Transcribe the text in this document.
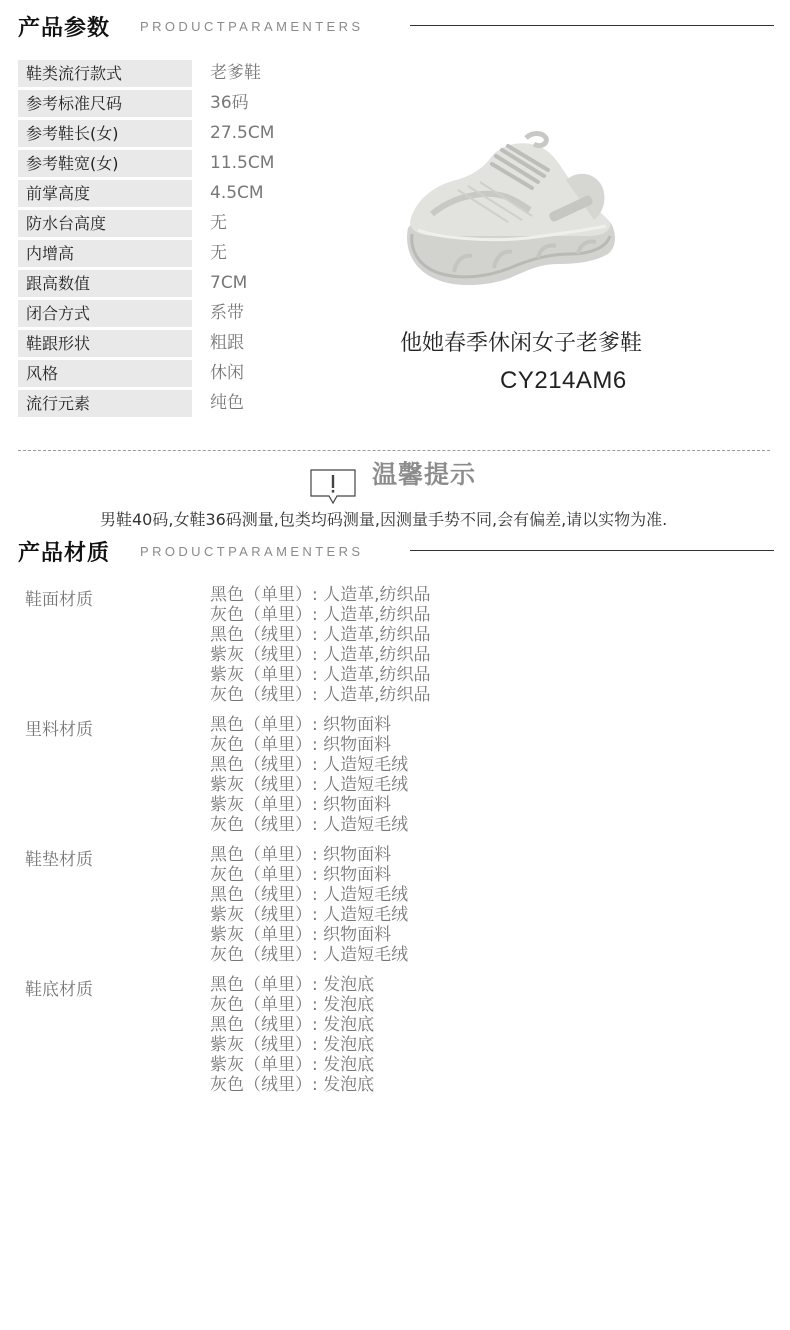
产品参数 PRODUCTPARAMENTERS
鞋类流行款式	老爹鞋
参考标准尺码	36码
参考鞋长(女)	27.5CM
参考鞋宽(女)	11.5CM
前掌高度	4.5CM
防水台高度	无
内增高	无
跟高数值	7CM
闭合方式	系带
鞋跟形状	粗跟
风格	休闲
流行元素	纯色
他她春季休闲女子老爹鞋
CY214AM6
温馨提示
男鞋40码,女鞋36码测量,包类均码测量,因测量手势不同,会有偏差,请以实物为准.
产品材质 PRODUCTPARAMENTERS
鞋面材质	黑色（单里）: 人造革,纺织品
灰色（单里）: 人造革,纺织品
黑色（绒里）: 人造革,纺织品
紫灰（绒里）: 人造革,纺织品
紫灰（单里）: 人造革,纺织品
灰色（绒里）: 人造革,纺织品
里料材质	黑色（单里）: 织物面料
灰色（单里）: 织物面料
黑色（绒里）: 人造短毛绒
紫灰（绒里）: 人造短毛绒
紫灰（单里）: 织物面料
灰色（绒里）: 人造短毛绒
鞋垫材质	黑色（单里）: 织物面料
灰色（单里）: 织物面料
黑色（绒里）: 人造短毛绒
紫灰（绒里）: 人造短毛绒
紫灰（单里）: 织物面料
灰色（绒里）: 人造短毛绒
鞋底材质	黑色（单里）: 发泡底
灰色（单里）: 发泡底
黑色（绒里）: 发泡底
紫灰（绒里）: 发泡底
紫灰（单里）: 发泡底
灰色（绒里）: 发泡底
